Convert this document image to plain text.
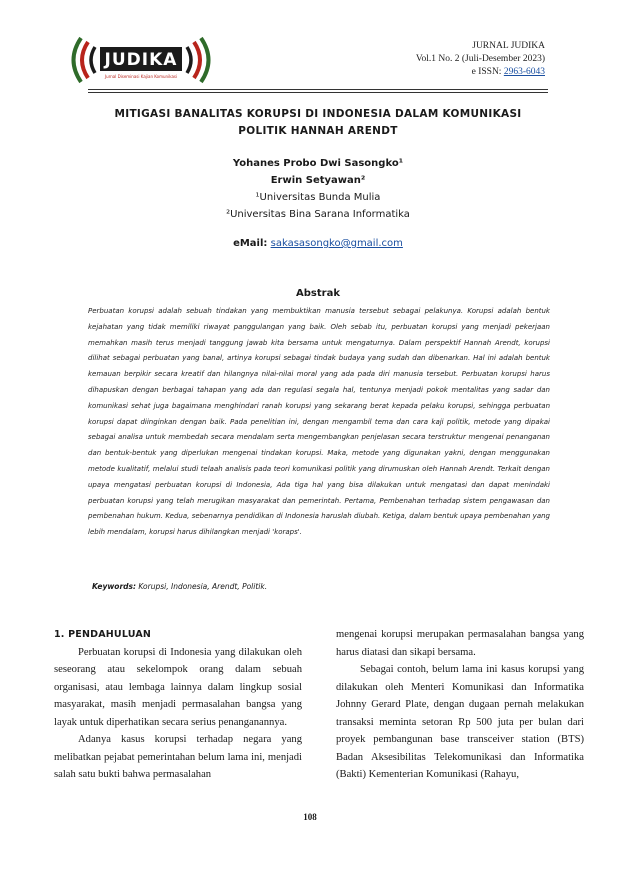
JUDIKA
Jurnal Diseminasi Kajian Komunikasi
JURNAL JUDIKA
Vol.1 No. 2 (Juli-Desember 2023)
e ISSN: 2963-6043
MITIGASI BANALITAS KORUPSI DI INDONESIA DALAM KOMUNIKASI
POLITIK HANNAH ARENDT
Yohanes Probo Dwi Sasongko¹
Erwin Setyawan²
¹Universitas Bunda Mulia
²Universitas Bina Sarana Informatika
eMail: sakasasongko@gmail.com
Abstrak
Perbuatan korupsi adalah sebuah tindakan yang membuktikan manusia tersebut sebagai pelakunya. Korupsi adalah bentuk kejahatan yang tidak memiliki riwayat panggulangan yang baik. Oleh sebab itu, perbuatan korupsi yang menjadi pekerjaan memahkan masih terus menjadi tanggung jawab kita bersama untuk mengaturnya. Dalam perspektif Hannah Arendt, korupsi dilihat sebagai perbuatan yang banal, artinya korupsi sebagai tindak budaya yang sudah dan dibenarkan. Hal ini adalah bentuk kemauan berpikir secara kreatif dan hilangnya nilai-nilai moral yang ada pada diri manusia tersebut. Perbuatan korupsi harus dihapuskan dengan berbagai tahapan yang ada dan regulasi segala hal, tentunya menjadi pokok mentalitas yang sadar dan komunikasi sehat juga bagaimana menghindari ranah korupsi yang sekarang berat kepada pelaku korupsi, sehingga perbuatan korupsi dapat diinginkan dengan baik. Pada penelitian ini, dengan mengambil tema dan cara kaji politik, metode yang dipakai sebagai analisa untuk membedah secara mendalam serta mengembangkan penjelasan secara terstruktur mengenai penanganan dan bentuk-bentuk yang diperlukan mengenai tindakan korupsi. Maka, metode yang digunakan yakni, dengan menggunakan metode kualitatif, melalui studi telaah analisis pada teori komunikasi politik yang dirumuskan oleh Hannah Arendt. Terkait dengan upaya mengatasi perbuatan korupsi di Indonesia, Ada tiga hal yang bisa dilakukan untuk mengatasi dan dapat menindaki perbuatan korupsi yang telah merugikan masyarakat dan pemerintah. Pertama, Pembenahan terhadap sistem pengawasan dan pembenahan hukum. Kedua, sebenarnya pendidikan di Indonesia haruslah diubah. Ketiga, dalam bentuk upaya pembenahan yang lebih mendalam, korupsi harus dihilangkan menjadi 'koraps'.
Keywords: Korupsi, Indonesia, Arendt, Politik.

1. PENDAHULUAN

Perbuatan korupsi di Indonesia yang dilakukan oleh seseorang atau sekelompok orang dalam sebuah organisasi, atau lembaga lainnya dalam lingkup sosial masyarakat, masih menjadi permasalahan bangsa yang layak untuk diperhatikan secara serius penanganannya.

Adanya kasus korupsi terhadap negara yang melibatkan pejabat pemerintahan belum lama ini, menjadi salah satu bukti bahwa permasalahan

mengenai korupsi merupakan permasalahan bangsa yang harus diatasi dan sikapi bersama.

Sebagai contoh, belum lama ini kasus korupsi yang dilakukan oleh Menteri Komunikasi dan Informatika Johnny Gerard Plate, dengan dugaan pernah melakukan transaksi meminta setoran Rp 500 juta per bulan dari proyek pembangunan base transceiver station (BTS) Badan Aksesibilitas Telekomunikasi dan Informatika (Bakti) Kementerian Komunikasi (Rahayu,

108
